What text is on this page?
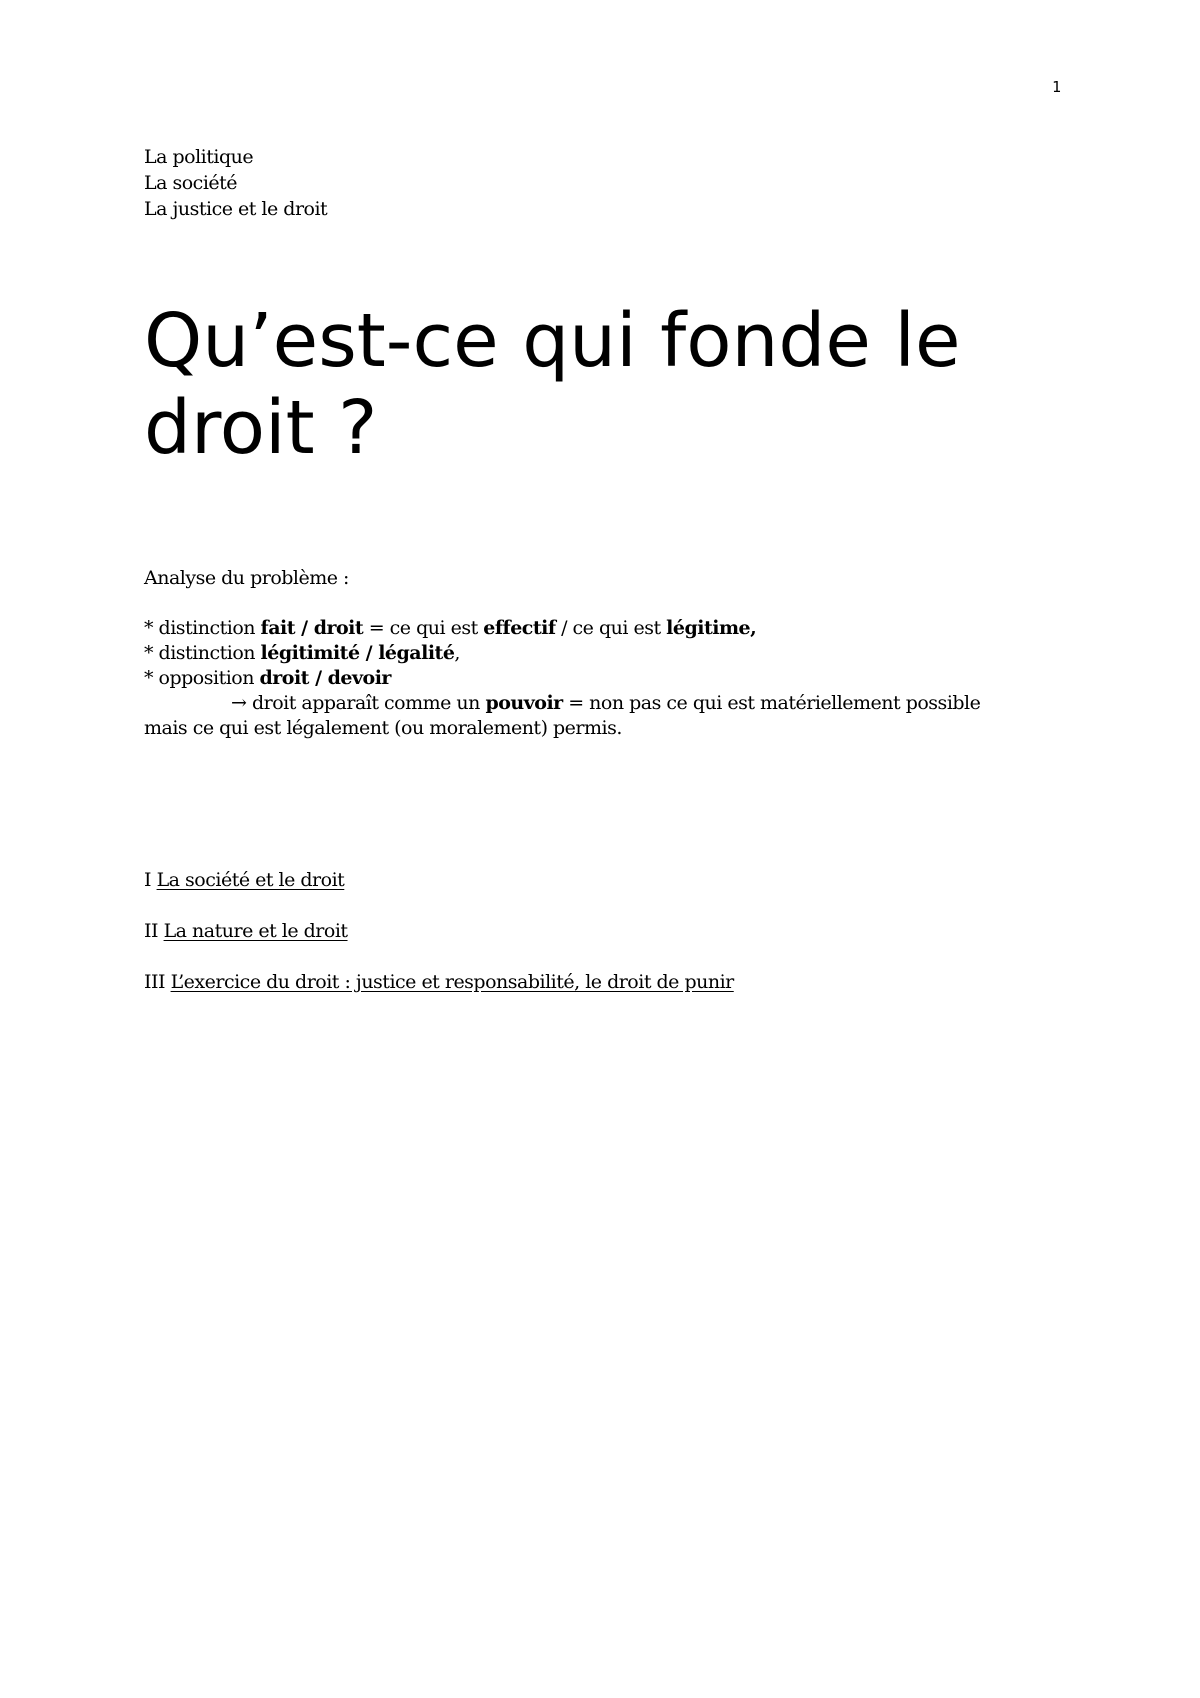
1
La politique
La société
La justice et le droit
Qu’est-ce qui fonde le droit ?
Analyse du problème :
* distinction fait / droit = ce qui est effectif / ce qui est légitime,
* distinction légitimité / légalité,
* opposition droit / devoir
→ droit apparaît comme un pouvoir = non pas ce qui est matériellement possible
mais ce qui est légalement (ou moralement) permis.
I La société et le droit
II La nature et le droit
III L’exercice du droit : justice et responsabilité, le droit de punir
